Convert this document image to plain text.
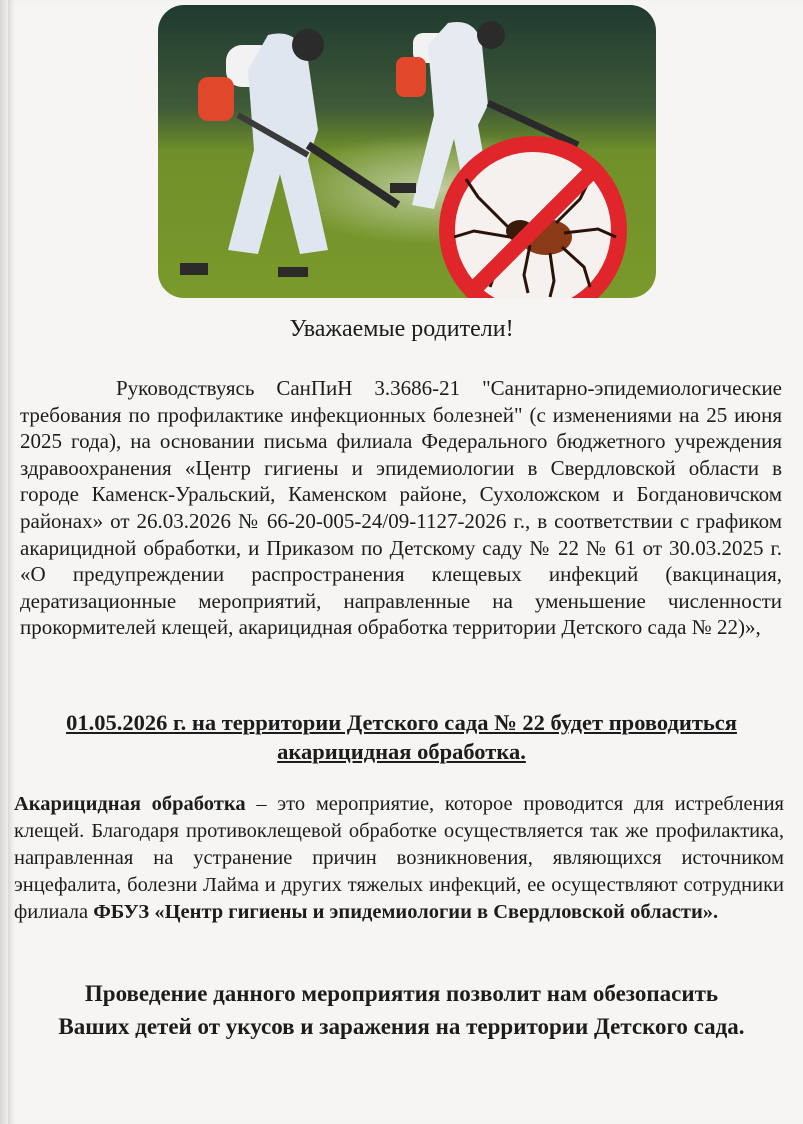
Уважаемые родители!

Руководствуясь СанПиН 3.3686-21 "Санитарно-эпидемиологические требования по профилактике инфекционных болезней" (с изменениями на 25 июня 2025 года), на основании письма филиала Федерального бюджетного учреждения здравоохранения «Центр гигиены и эпидемиологии в Свердловской области в городе Каменск-Уральский, Каменском районе, Сухоложском и Богдановичском районах» от 26.03.2026 № 66-20-005-24/09-1127-2026 г., в соответствии с графиком акарицидной обработки, и Приказом по Детскому саду № 22 № 61 от 30.03.2025 г. «О предупреждении распространения клещевых инфекций (вакцинация, дератизационные мероприятий, направленные на уменьшение численности прокормителей клещей, акарицидная обработка территории Детского сада № 22)»,

01.05.2026 г. на территории Детского сада № 22 будет проводиться
акарицидная обработка.

Акарицидная обработка – это мероприятие, которое проводится для истребления клещей. Благодаря противоклещевой обработке осуществляется так же профилактика, направленная на устранение причин возникновения, являющихся источником энцефалита, болезни Лайма и других тяжелых инфекций, ее осуществляют сотрудники филиала ФБУЗ «Центр гигиены и эпидемиологии в Свердловской области».

Проведение данного мероприятия позволит нам обезопасить
Ваших детей от укусов и заражения на территории Детского сада.
